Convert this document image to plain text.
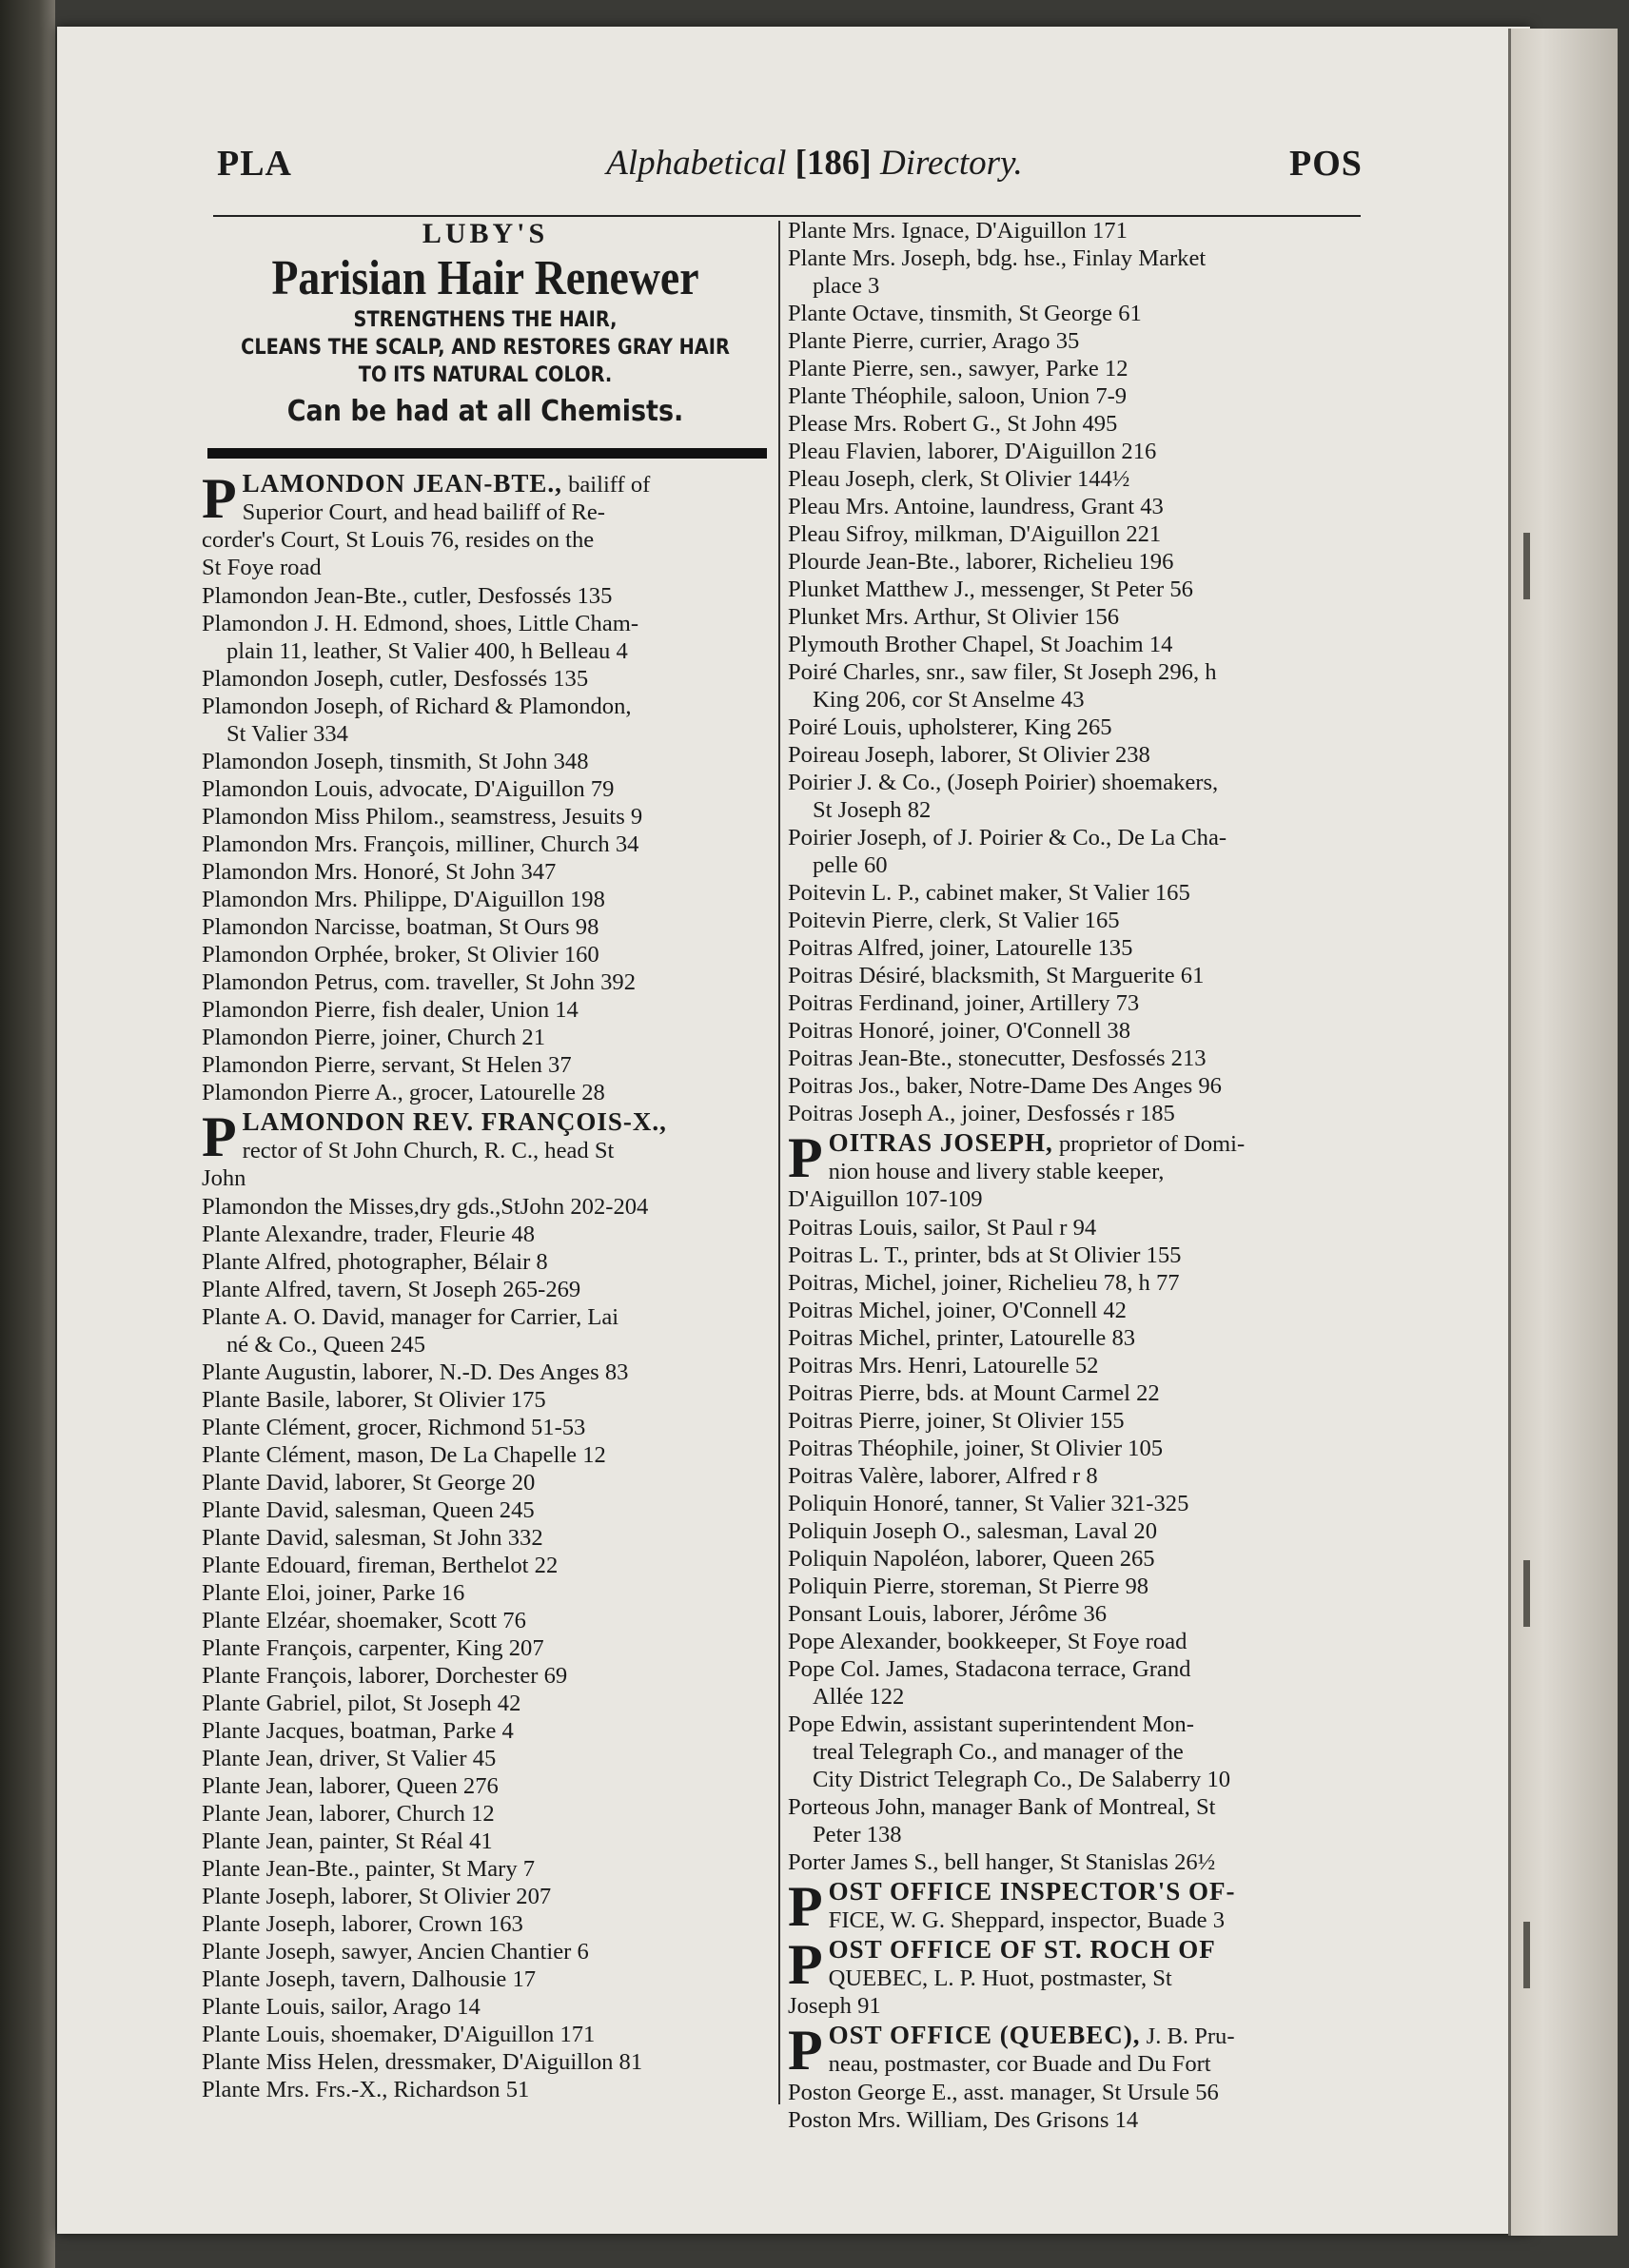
PLA	Alphabetical [186] Directory.	POS
LUBY'S
Parisian Hair Renewer
STRENGTHENS THE HAIR,
CLEANS THE SCALP, AND RESTORES GRAY HAIR
TO ITS NATURAL COLOR.
Can be had at all Chemists.
PLAMONDON JEAN-BTE., bailiff of
Superior Court, and head bailiff of Re-
corder's Court, St Louis 76, resides on the
St Foye road
Plamondon Jean-Bte., cutler, Desfossés 135
Plamondon J. H. Edmond, shoes, Little Cham-
plain 11, leather, St Valier 400, h Belleau 4
Plamondon Joseph, cutler, Desfossés 135
Plamondon Joseph, of Richard & Plamondon,
St Valier 334
Plamondon Joseph, tinsmith, St John 348
Plamondon Louis, advocate, D'Aiguillon 79
Plamondon Miss Philom., seamstress, Jesuits 9
Plamondon Mrs. François, milliner, Church 34
Plamondon Mrs. Honoré, St John 347
Plamondon Mrs. Philippe, D'Aiguillon 198
Plamondon Narcisse, boatman, St Ours 98
Plamondon Orphée, broker, St Olivier 160
Plamondon Petrus, com. traveller, St John 392
Plamondon Pierre, fish dealer, Union 14
Plamondon Pierre, joiner, Church 21
Plamondon Pierre, servant, St Helen 37
Plamondon Pierre A., grocer, Latourelle 28
PLAMONDON REV. FRANÇOIS-X.,
rector of St John Church, R. C., head St
John
Plamondon the Misses,dry gds.,StJohn 202-204
Plante Alexandre, trader, Fleurie 48
Plante Alfred, photographer, Bélair 8
Plante Alfred, tavern, St Joseph 265-269
Plante A. O. David, manager for Carrier, Lai
né & Co., Queen 245
Plante Augustin, laborer, N.-D. Des Anges 83
Plante Basile, laborer, St Olivier 175
Plante Clément, grocer, Richmond 51-53
Plante Clément, mason, De La Chapelle 12
Plante David, laborer, St George 20
Plante David, salesman, Queen 245
Plante David, salesman, St John 332
Plante Edouard, fireman, Berthelot 22
Plante Eloi, joiner, Parke 16
Plante Elzéar, shoemaker, Scott 76
Plante François, carpenter, King 207
Plante François, laborer, Dorchester 69
Plante Gabriel, pilot, St Joseph 42
Plante Jacques, boatman, Parke 4
Plante Jean, driver, St Valier 45
Plante Jean, laborer, Queen 276
Plante Jean, laborer, Church 12
Plante Jean, painter, St Réal 41
Plante Jean-Bte., painter, St Mary 7
Plante Joseph, laborer, St Olivier 207
Plante Joseph, laborer, Crown 163
Plante Joseph, sawyer, Ancien Chantier 6
Plante Joseph, tavern, Dalhousie 17
Plante Louis, sailor, Arago 14
Plante Louis, shoemaker, D'Aiguillon 171
Plante Miss Helen, dressmaker, D'Aiguillon 81
Plante Mrs. Frs.-X., Richardson 51
Plante Mrs. Ignace, D'Aiguillon 171
Plante Mrs. Joseph, bdg. hse., Finlay Market
place 3
Plante Octave, tinsmith, St George 61
Plante Pierre, currier, Arago 35
Plante Pierre, sen., sawyer, Parke 12
Plante Théophile, saloon, Union 7-9
Please Mrs. Robert G., St John 495
Pleau Flavien, laborer, D'Aiguillon 216
Pleau Joseph, clerk, St Olivier 144½
Pleau Mrs. Antoine, laundress, Grant 43
Pleau Sifroy, milkman, D'Aiguillon 221
Plourde Jean-Bte., laborer, Richelieu 196
Plunket Matthew J., messenger, St Peter 56
Plunket Mrs. Arthur, St Olivier 156
Plymouth Brother Chapel, St Joachim 14
Poiré Charles, snr., saw filer, St Joseph 296, h
King 206, cor St Anselme 43
Poiré Louis, upholsterer, King 265
Poireau Joseph, laborer, St Olivier 238
Poirier J. & Co., (Joseph Poirier) shoemakers,
St Joseph 82
Poirier Joseph, of J. Poirier & Co., De La Cha-
pelle 60
Poitevin L. P., cabinet maker, St Valier 165
Poitevin Pierre, clerk, St Valier 165
Poitras Alfred, joiner, Latourelle 135
Poitras Désiré, blacksmith, St Marguerite 61
Poitras Ferdinand, joiner, Artillery 73
Poitras Honoré, joiner, O'Connell 38
Poitras Jean-Bte., stonecutter, Desfossés 213
Poitras Jos., baker, Notre-Dame Des Anges 96
Poitras Joseph A., joiner, Desfossés r 185
POITRAS JOSEPH, proprietor of Domi-
nion house and livery stable keeper,
D'Aiguillon 107-109
Poitras Louis, sailor, St Paul r 94
Poitras L. T., printer, bds at St Olivier 155
Poitras, Michel, joiner, Richelieu 78, h 77
Poitras Michel, joiner, O'Connell 42
Poitras Michel, printer, Latourelle 83
Poitras Mrs. Henri, Latourelle 52
Poitras Pierre, bds. at Mount Carmel 22
Poitras Pierre, joiner, St Olivier 155
Poitras Théophile, joiner, St Olivier 105
Poitras Valère, laborer, Alfred r 8
Poliquin Honoré, tanner, St Valier 321-325
Poliquin Joseph O., salesman, Laval 20
Poliquin Napoléon, laborer, Queen 265
Poliquin Pierre, storeman, St Pierre 98
Ponsant Louis, laborer, Jérôme 36
Pope Alexander, bookkeeper, St Foye road
Pope Col. James, Stadacona terrace, Grand
Allée 122
Pope Edwin, assistant superintendent Mon-
treal Telegraph Co., and manager of the
City District Telegraph Co., De Salaberry 10
Porteous John, manager Bank of Montreal, St
Peter 138
Porter James S., bell hanger, St Stanislas 26½
POST OFFICE INSPECTOR'S OF-
FICE, W. G. Sheppard, inspector, Buade 3
POST OFFICE OF ST. ROCH OF
QUEBEC, L. P. Huot, postmaster, St
Joseph 91
POST OFFICE (QUEBEC), J. B. Pru-
neau, postmaster, cor Buade and Du Fort
Poston George E., asst. manager, St Ursule 56
Poston Mrs. William, Des Grisons 14
